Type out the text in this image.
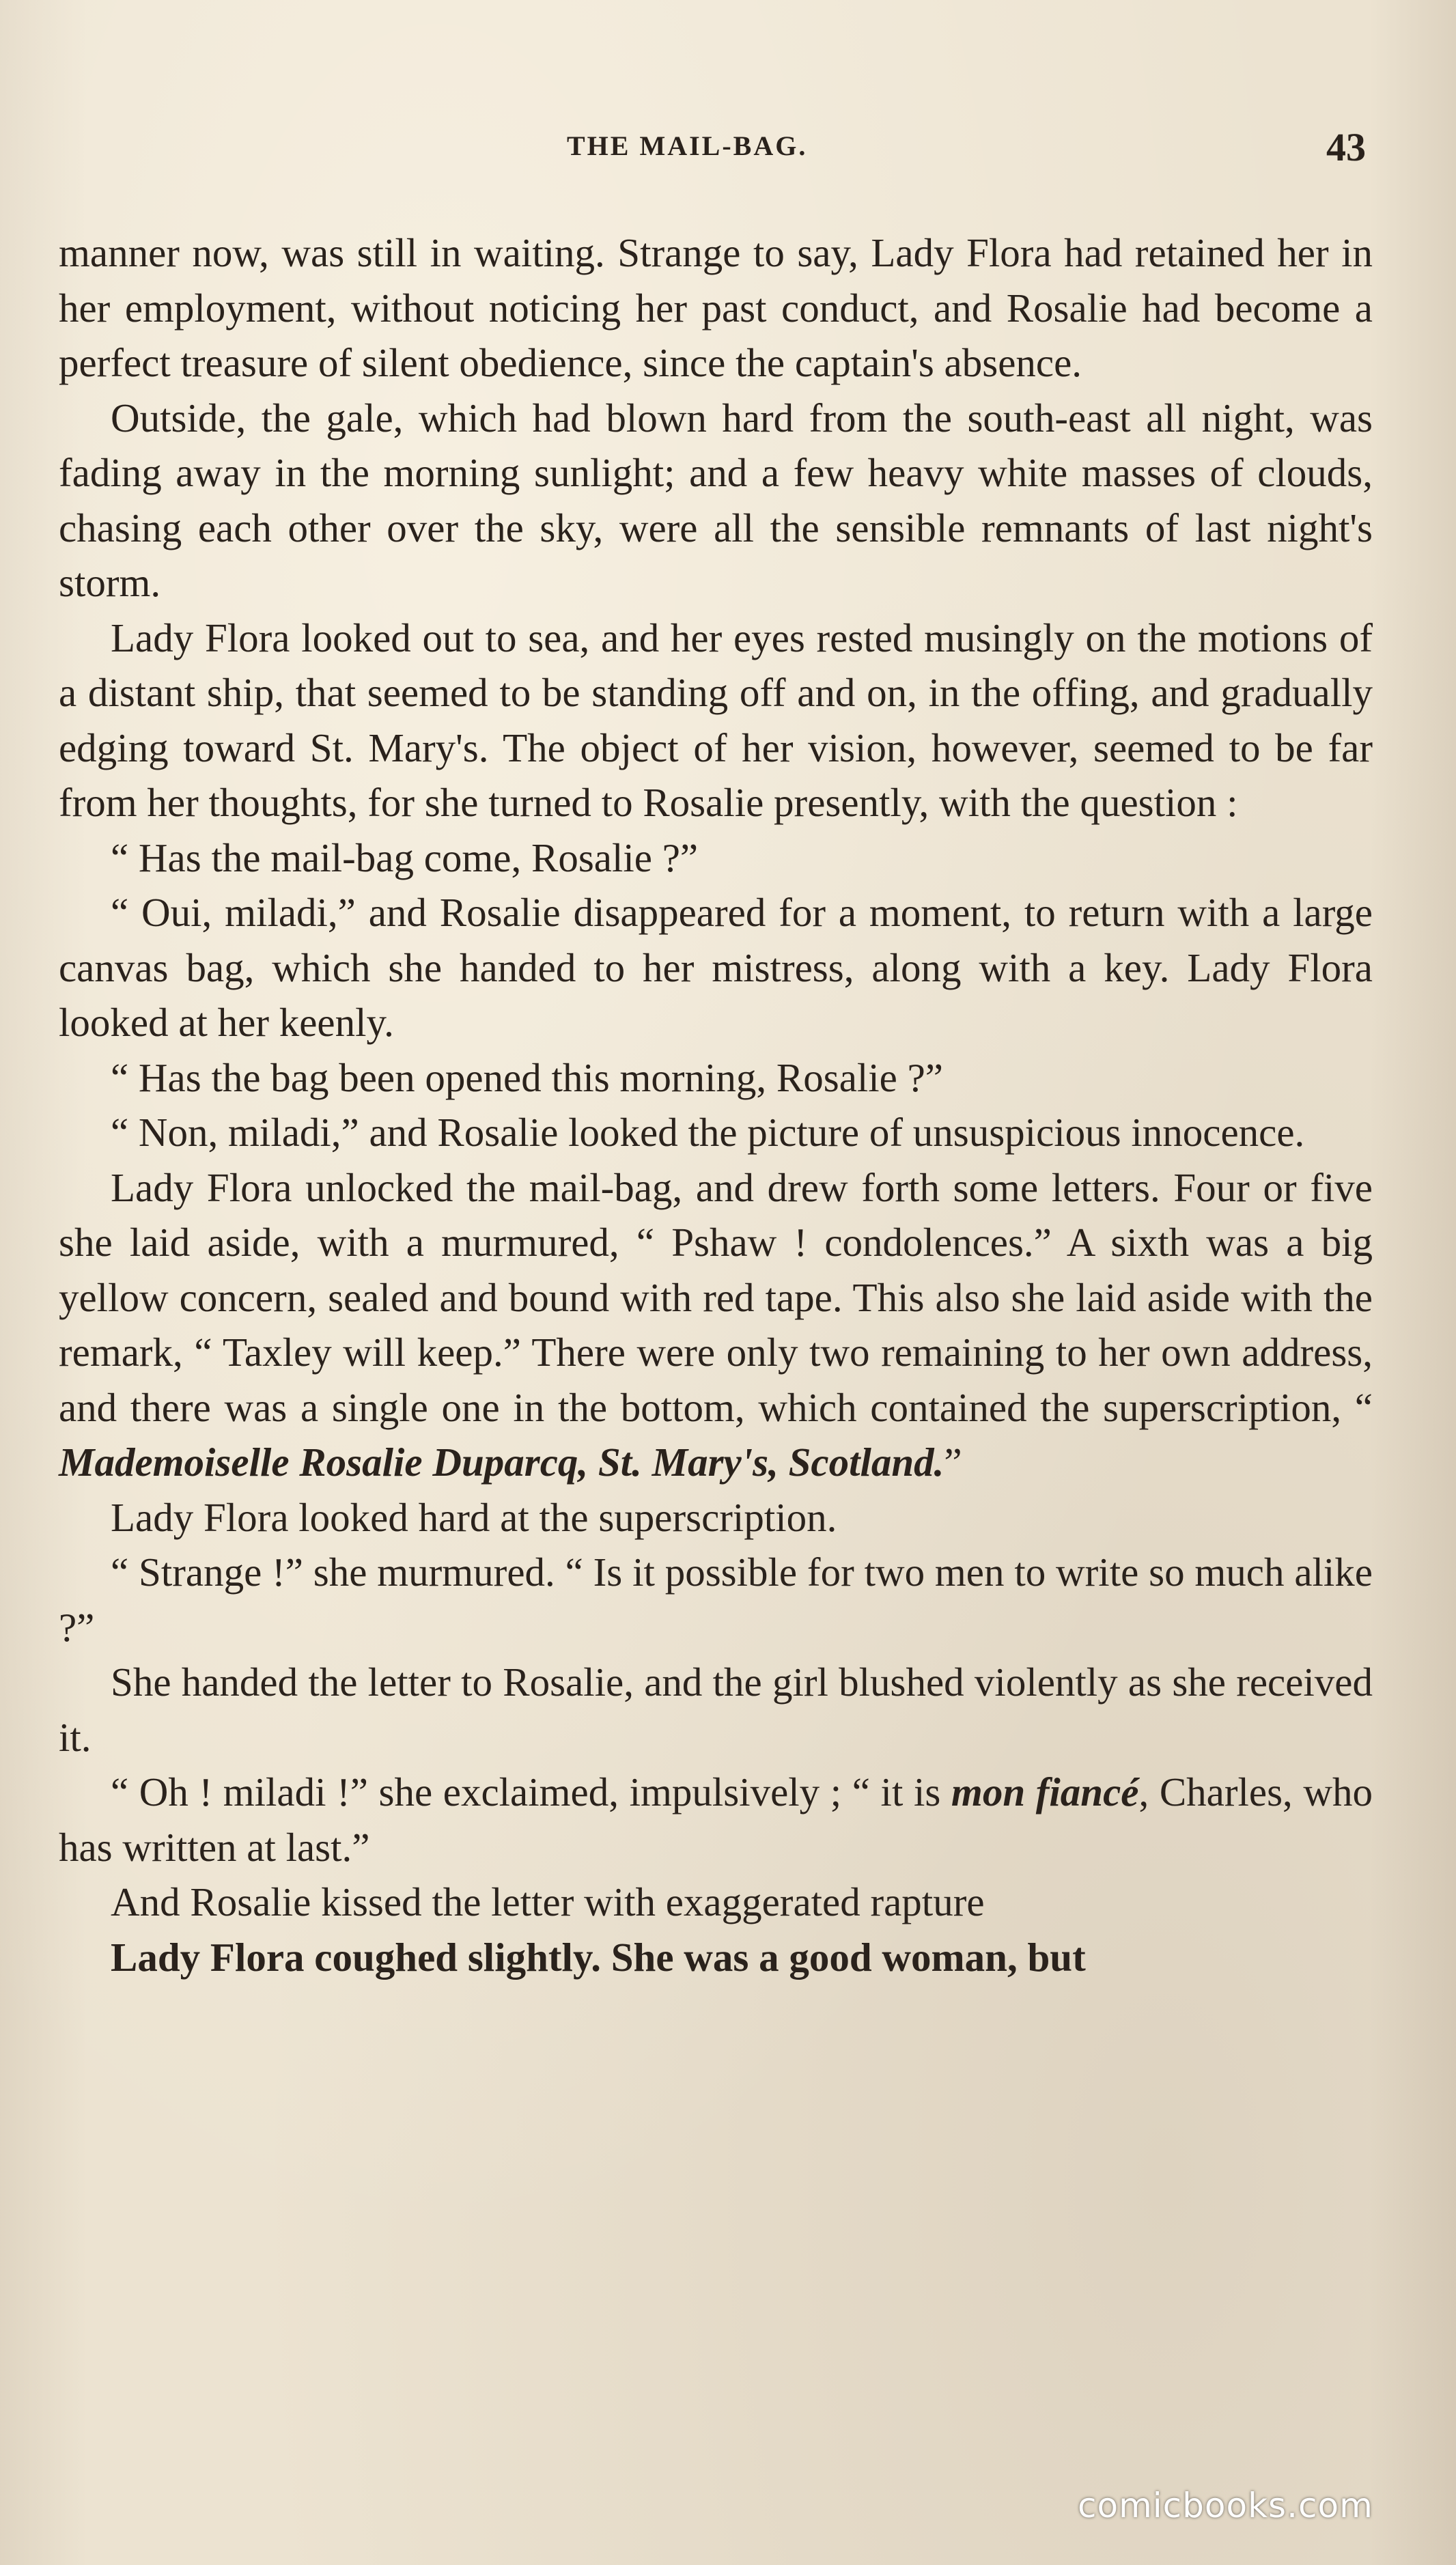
THE MAIL-BAG.	43

manner now, was still in waiting. Strange to say, Lady Flora had retained her in her employment, without noticing her past conduct, and Rosalie had become a perfect treasure of silent obedience, since the captain's absence.

Outside, the gale, which had blown hard from the south-east all night, was fading away in the morning sunlight; and a few heavy white masses of clouds, chasing each other over the sky, were all the sensible remnants of last night's storm.

Lady Flora looked out to sea, and her eyes rested musingly on the motions of a distant ship, that seemed to be standing off and on, in the offing, and gradually edging toward St. Mary's. The object of her vision, however, seemed to be far from her thoughts, for she turned to Rosalie presently, with the question :

“ Has the mail-bag come, Rosalie ?”

“ Oui, miladi,” and Rosalie disappeared for a moment, to return with a large canvas bag, which she handed to her mistress, along with a key. Lady Flora looked at her keenly.

“ Has the bag been opened this morning, Rosalie ?”

“ Non, miladi,” and Rosalie looked the picture of unsuspicious innocence.

Lady Flora unlocked the mail-bag, and drew forth some letters. Four or five she laid aside, with a murmured, “ Pshaw ! condolences.” A sixth was a big yellow concern, sealed and bound with red tape. This also she laid aside with the remark, “ Taxley will keep.” There were only two remaining to her own address, and there was a single one in the bottom, which contained the superscription, “ Mademoiselle Rosalie Duparcq, St. Mary's, Scotland.”

Lady Flora looked hard at the superscription.

“ Strange !” she murmured. “ Is it possible for two men to write so much alike ?”

She handed the letter to Rosalie, and the girl blushed violently as she received it.

“ Oh ! miladi !” she exclaimed, impulsively ; “ it is mon fiancé, Charles, who has written at last.”

And Rosalie kissed the letter with exaggerated rapture

Lady Flora coughed slightly. She was a good woman, but

comicbooks.com
